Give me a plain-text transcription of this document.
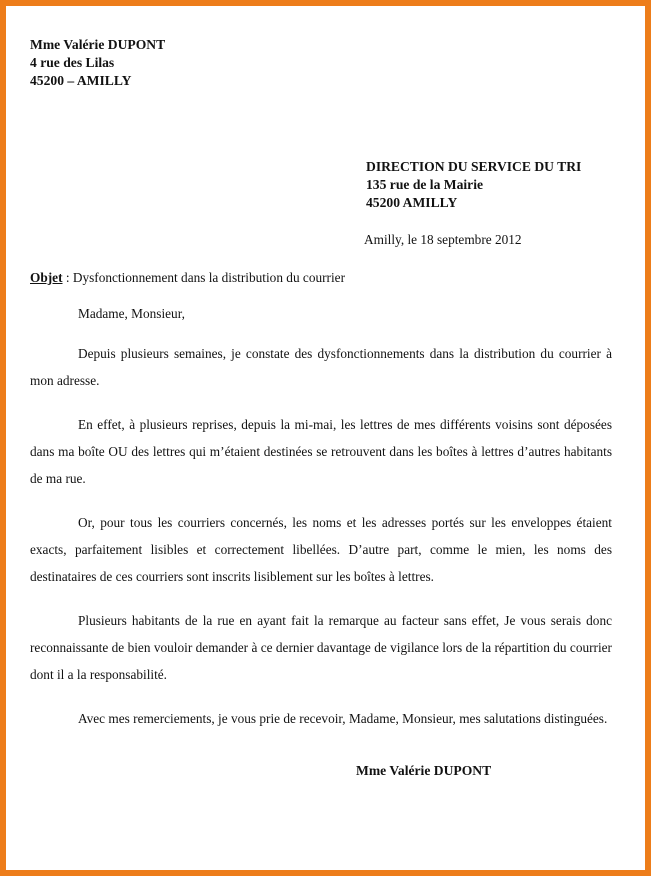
Mme Valérie DUPONT
4 rue des Lilas
45200 – AMILLY
DIRECTION DU SERVICE DU TRI
135 rue de la Mairie
45200 AMILLY
Amilly, le 18 septembre 2012
Objet : Dysfonctionnement dans la distribution du courrier
Madame, Monsieur,

Depuis plusieurs semaines, je constate des dysfonctionnements dans la distribution du courrier à mon adresse.

En effet, à plusieurs reprises, depuis la mi-mai, les lettres de mes différents voisins sont déposées dans ma boîte OU des lettres qui m’étaient destinées se retrouvent dans les boîtes à lettres d’autres habitants de ma rue.

Or, pour tous les courriers concernés, les noms et les adresses portés sur les enveloppes étaient exacts, parfaitement lisibles et correctement libellées. D’autre part, comme le mien, les noms des destinataires de ces courriers sont inscrits lisiblement sur les boîtes à lettres.

Plusieurs habitants de la rue en ayant fait la remarque au facteur sans effet, Je vous serais donc reconnaissante de bien vouloir demander à ce dernier davantage de vigilance lors de la répartition du courrier dont il a la responsabilité.

Avec mes remerciements, je vous prie de recevoir, Madame, Monsieur, mes salutations distinguées.

Mme Valérie DUPONT
